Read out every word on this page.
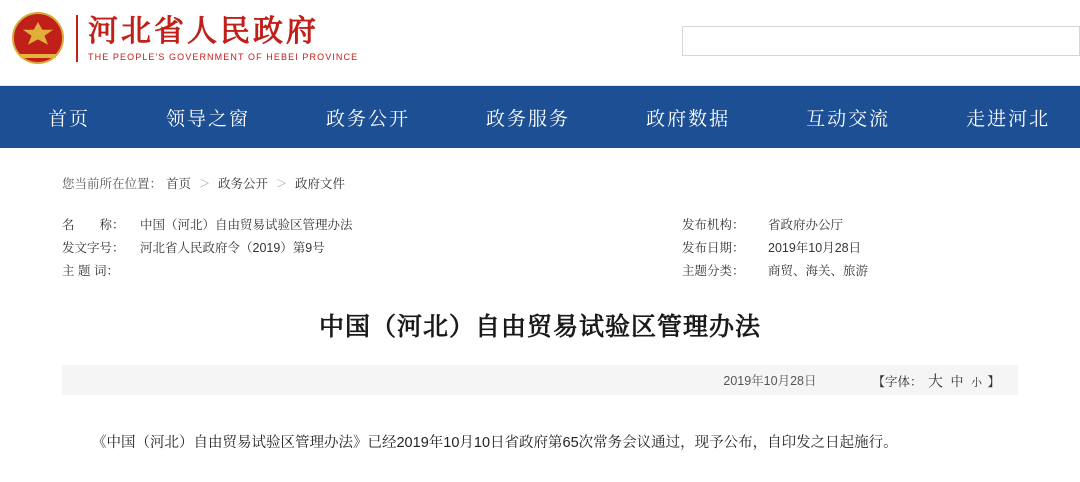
河北省人民政府
THE PEOPLE'S GOVERNMENT OF HEBEI PROVINCE
首页	领导之窗	政务公开	政务服务	政府数据	互动交流	走进河北
您当前所在位置： 首页 ＞ 政务公开 ＞ 政府文件
名　　称：	中国（河北）自由贸易试验区管理办法
发文字号：	河北省人民政府令（2019）第9号
主 题 词：
发布机构：	省政府办公厅
发布日期：	2019年10月28日
主题分类：	商贸、海关、旅游
中国（河北）自由贸易试验区管理办法
2019年10月28日	【字体： 大 中 小 】
《中国（河北）自由贸易试验区管理办法》已经2019年10月10日省政府第65次常务会议通过，现予公布，自印发之日起施行。
